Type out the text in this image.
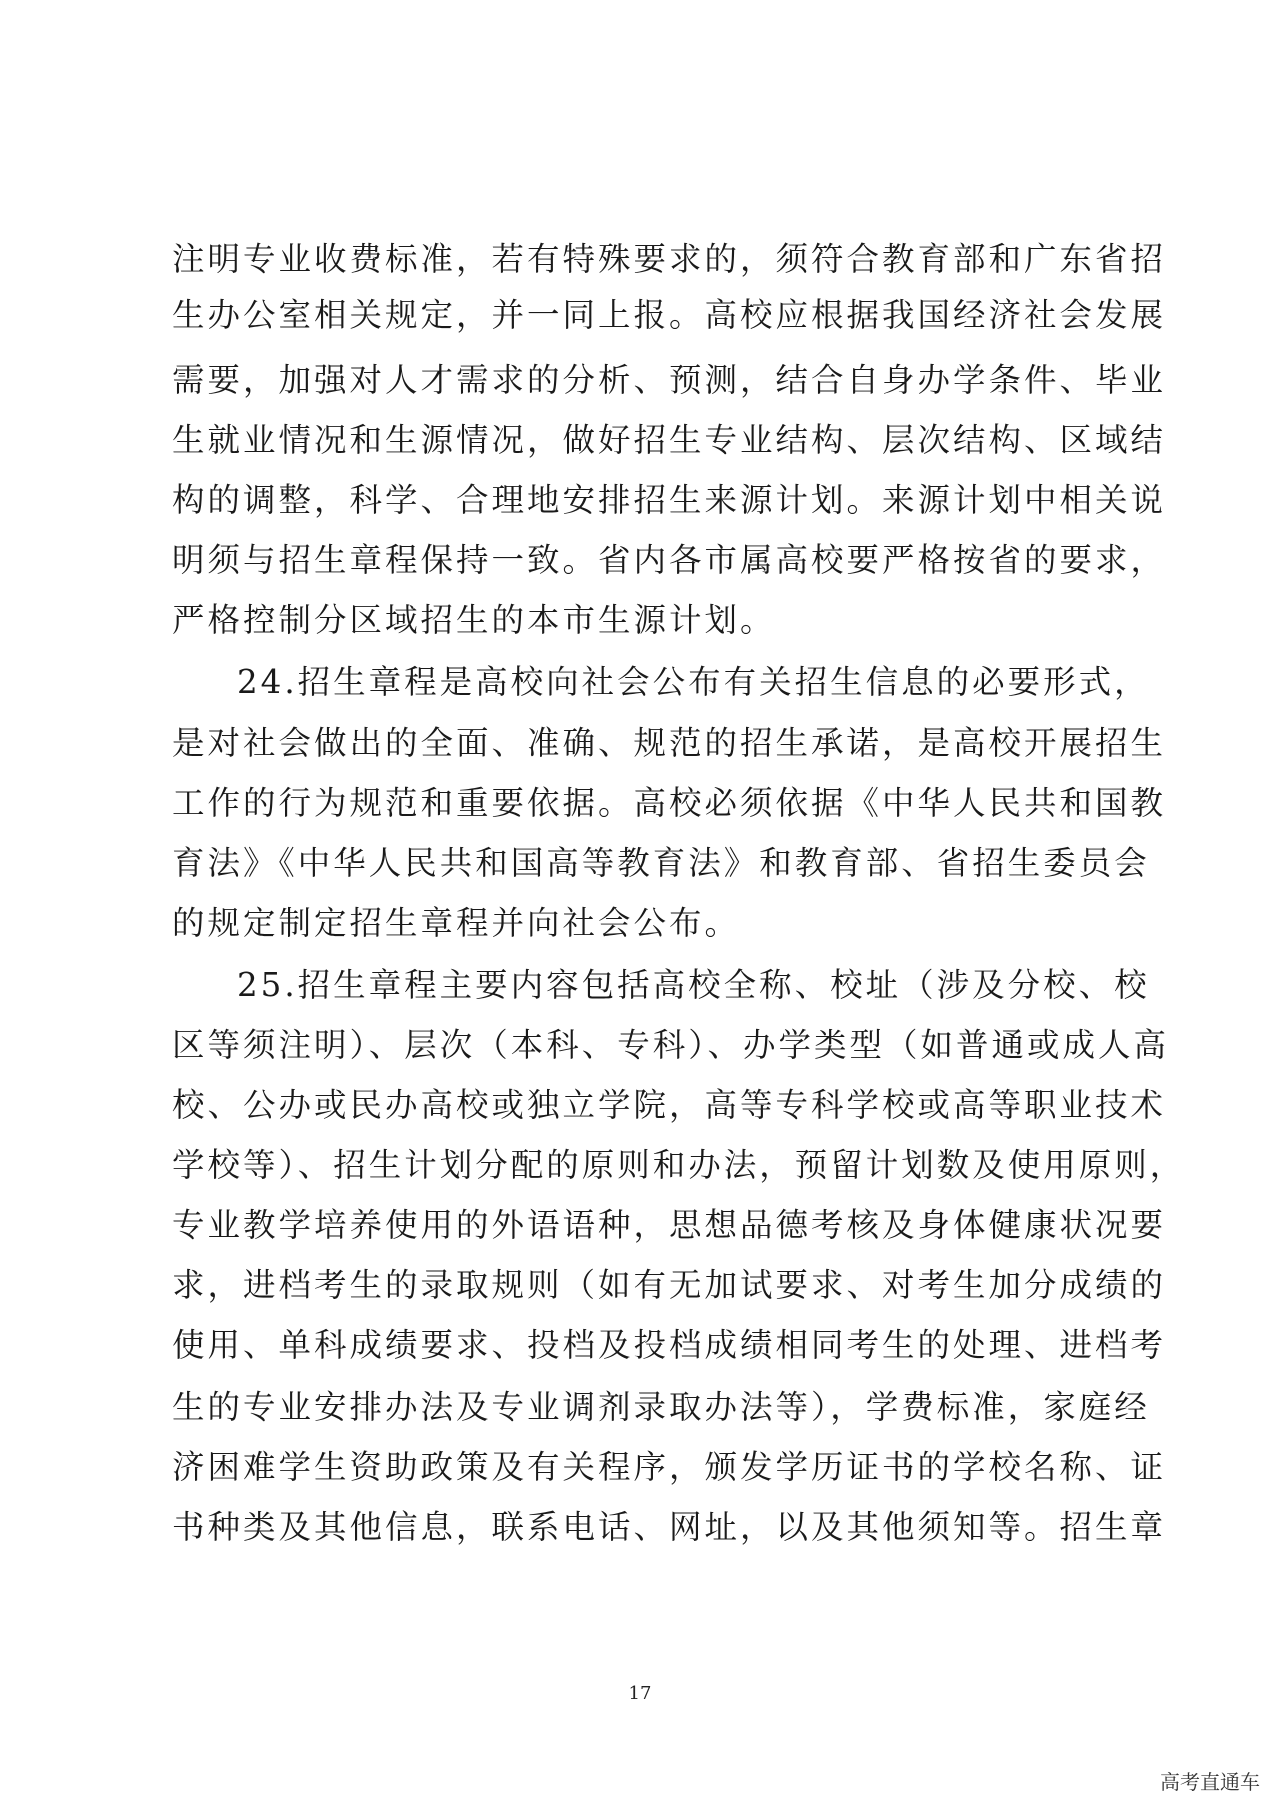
注明专业收费标准，若有特殊要求的，须符合教育部和广东省招
生办公室相关规定，并一同上报。高校应根据我国经济社会发展
需要，加强对人才需求的分析、预测，结合自身办学条件、毕业
生就业情况和生源情况，做好招生专业结构、层次结构、区域结
构的调整，科学、合理地安排招生来源计划。来源计划中相关说
明须与招生章程保持一致。省内各市属高校要严格按省的要求，
严格控制分区域招生的本市生源计划。
24.招生章程是高校向社会公布有关招生信息的必要形式，
是对社会做出的全面、准确、规范的招生承诺，是高校开展招生
工作的行为规范和重要依据。高校必须依据《中华人民共和国教
育法》《中华人民共和国高等教育法》和教育部、省招生委员会
的规定制定招生章程并向社会公布。
25.招生章程主要内容包括高校全称、校址（涉及分校、校
区等须注明）、层次（本科、专科）、办学类型（如普通或成人高
校、公办或民办高校或独立学院，高等专科学校或高等职业技术
学校等）、招生计划分配的原则和办法，预留计划数及使用原则，
专业教学培养使用的外语语种，思想品德考核及身体健康状况要
求，进档考生的录取规则（如有无加试要求、对考生加分成绩的
使用、单科成绩要求、投档及投档成绩相同考生的处理、进档考
生的专业安排办法及专业调剂录取办法等），学费标准，家庭经
济困难学生资助政策及有关程序，颁发学历证书的学校名称、证
书种类及其他信息，联系电话、网址，以及其他须知等。招生章
17
高考直通车
